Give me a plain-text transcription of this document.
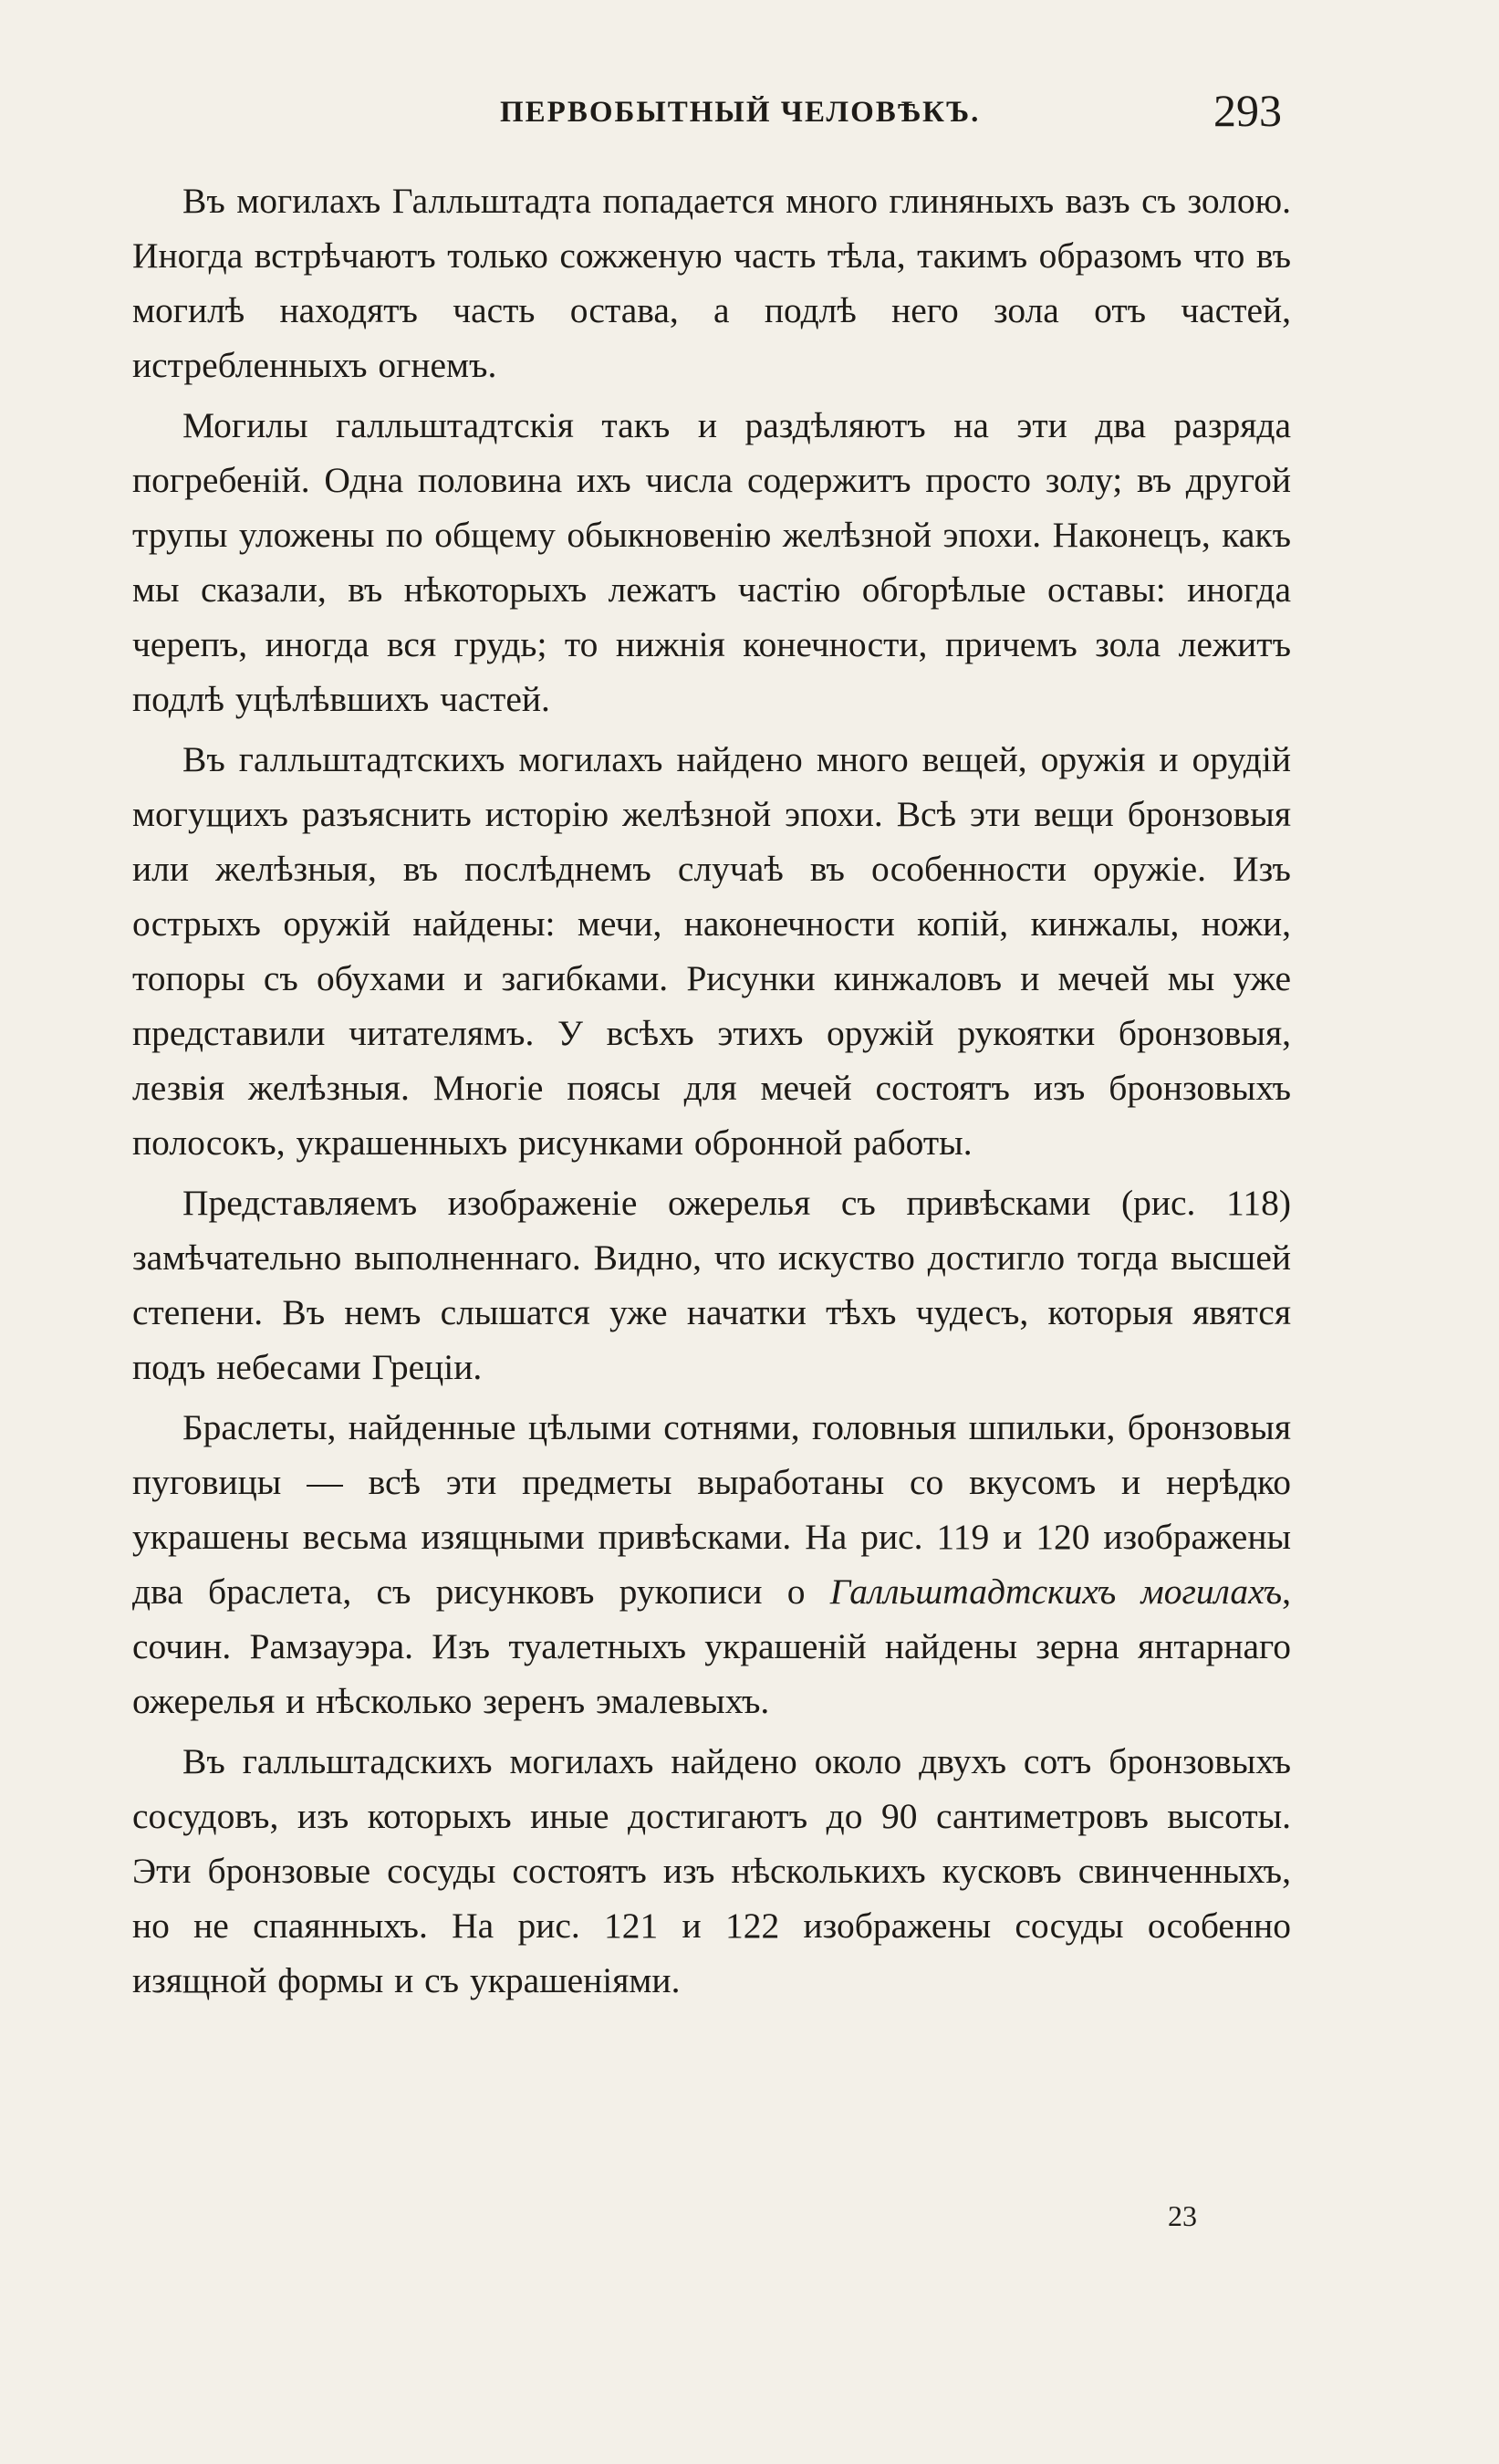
ПЕРВОБЫТНЫЙ ЧЕЛОВѢКЪ.	293

Въ могилахъ Галльштадта попадается много глиняныхъ вазъ съ золою. Иногда встрѣчаютъ только сожженую часть тѣла, такимъ образомъ что въ могилѣ находятъ часть остава, а подлѣ него зола отъ частей, истребленныхъ огнемъ.

Могилы галльштадтскія такъ и раздѣляютъ на эти два разряда погребеній. Одна половина ихъ числа содержитъ просто золу; въ другой трупы уложены по общему обыкновенію желѣзной эпохи. Наконецъ, какъ мы сказали, въ нѣкоторыхъ лежатъ частію обгорѣлые оставы: иногда черепъ, иногда вся грудь; то нижнія конечности, причемъ зола лежитъ подлѣ уцѣлѣвшихъ частей.

Въ галльштадтскихъ могилахъ найдено много вещей, оружія и орудій могущихъ разъяснить исторію желѣзной эпохи. Всѣ эти вещи бронзовыя или желѣзныя, въ послѣднемъ случаѣ въ особенности оружіе. Изъ острыхъ оружій найдены: мечи, наконечности копій, кинжалы, ножи, топоры съ обухами и загибками. Рисунки кинжаловъ и мечей мы уже представили читателямъ. У всѣхъ этихъ оружій рукоятки бронзовыя, лезвія желѣзныя. Многіе поясы для мечей состоятъ изъ бронзовыхъ полосокъ, украшенныхъ рисунками обронной работы.

Представляемъ изображеніе ожерелья съ привѣсками (рис. 118) замѣчательно выполненнаго. Видно, что искуство достигло тогда высшей степени. Въ немъ слышатся уже начатки тѣхъ чудесъ, которыя явятся подъ небесами Греціи.

Браслеты, найденные цѣлыми сотнями, головныя шпильки, бронзовыя пуговицы — всѣ эти предметы выработаны со вкусомъ и нерѣдко украшены весьма изящными привѣсками. На рис. 119 и 120 изображены два браслета, съ рисунковъ рукописи о Галльштадтскихъ могилахъ, сочин. Рамзауэра. Изъ туалетныхъ украшеній найдены зерна янтарнаго ожерелья и нѣсколько зеренъ эмалевыхъ.

Въ галльштадскихъ могилахъ найдено около двухъ сотъ бронзовыхъ сосудовъ, изъ которыхъ иные достигаютъ до 90 сантиметровъ высоты. Эти бронзовые сосуды состоятъ изъ нѣсколькихъ кусковъ свинченныхъ, но не спаянныхъ. На рис. 121 и 122 изображены сосуды особенно изящной формы и съ украшеніями.

23
